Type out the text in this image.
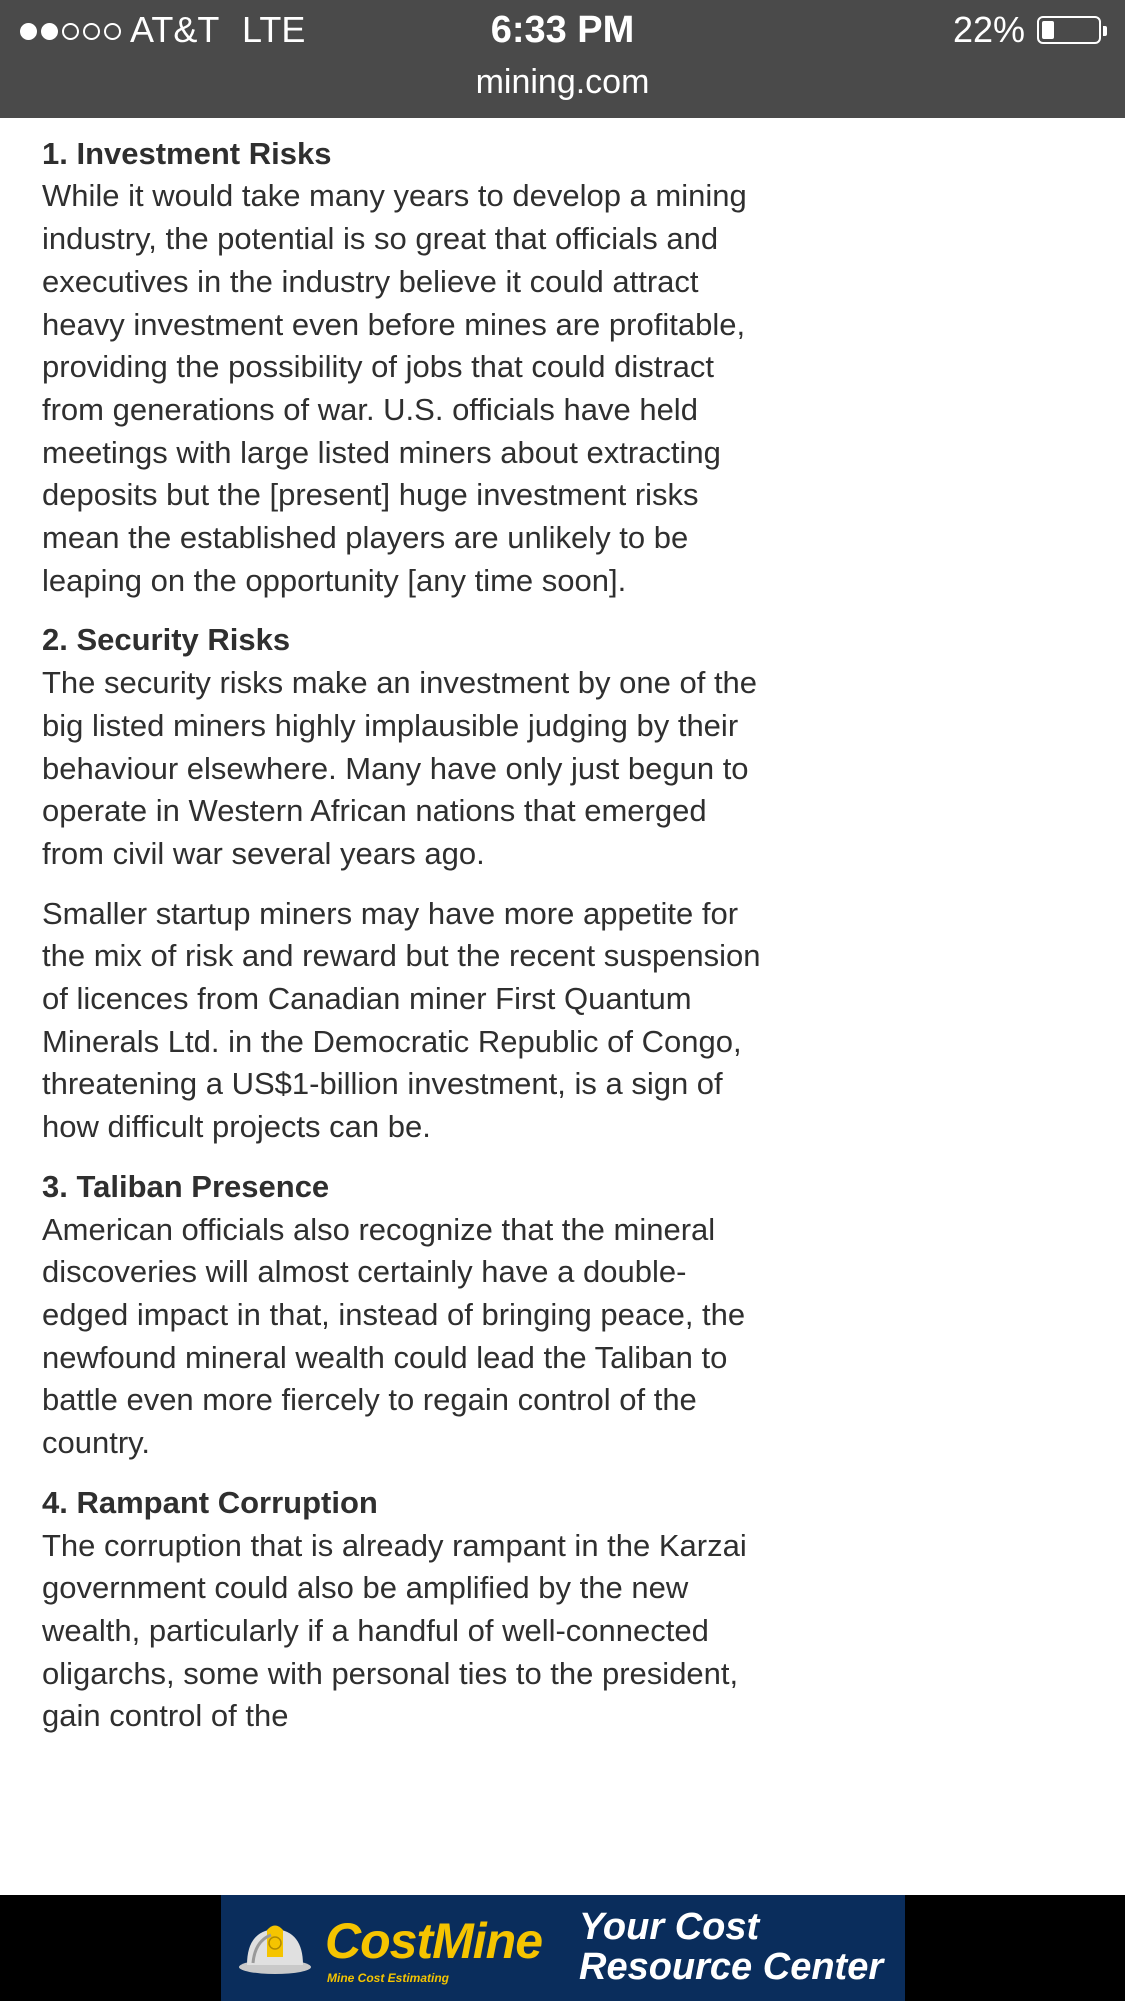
AT&T LTE	6:33 PM	22%
mining.com
1. Investment Risks

While it would take many years to develop a mining industry, the potential is so great that officials and executives in the industry believe it could attract heavy investment even before mines are profitable, providing the possibility of jobs that could distract from generations of war. U.S. officials have held meetings with large listed miners about extracting deposits but the [present] huge investment risks mean the established players are unlikely to be leaping on the opportunity [any time soon].

2. Security Risks

The security risks make an investment by one of the big listed miners highly implausible judging by their behaviour elsewhere. Many have only just begun to operate in Western African nations that emerged from civil war several years ago.

Smaller startup miners may have more appetite for the mix of risk and reward but the recent suspension of licences from Canadian miner First Quantum Minerals Ltd. in the Democratic Republic of Congo, threatening a US$1-billion investment, is a sign of how difficult projects can be.

3. Taliban Presence

American officials also recognize that the mineral discoveries will almost certainly have a double-edged impact in that, instead of bringing peace, the newfound mineral wealth could lead the Taliban to battle even more fiercely to regain control of the country.

4. Rampant Corruption

The corruption that is already rampant in the Karzai government could also be amplified by the new wealth, particularly if a handful of well-connected oligarchs, some with personal ties to the president, gain control of the

CostMine
Mine Cost Estimating
Your Cost
Resource Center
